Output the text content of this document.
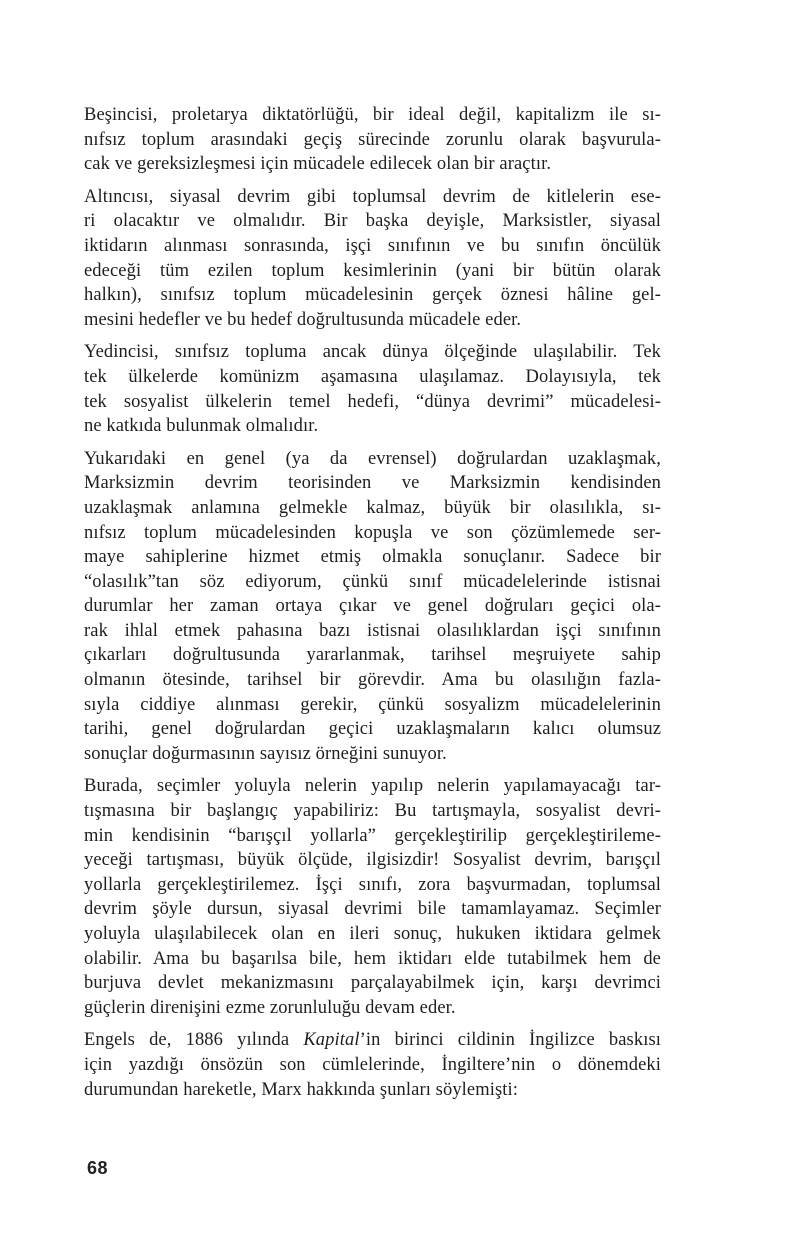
Beşincisi, proletarya diktatörlüğü, bir ideal değil, kapitalizm ile sı-
nıfsız toplum arasındaki geçiş sürecinde zorunlu olarak başvurula-
cak ve gereksizleşmesi için mücadele edilecek olan bir araçtır.

Altıncısı, siyasal devrim gibi toplumsal devrim de kitlelerin ese-
ri olacaktır ve olmalıdır. Bir başka deyişle, Marksistler, siyasal
iktidarın alınması sonrasında, işçi sınıfının ve bu sınıfın öncülük
edeceği tüm ezilen toplum kesimlerinin (yani bir bütün olarak
halkın), sınıfsız toplum mücadelesinin gerçek öznesi hâline gel-
mesini hedefler ve bu hedef doğrultusunda mücadele eder.

Yedincisi, sınıfsız topluma ancak dünya ölçeğinde ulaşılabilir. Tek
tek ülkelerde komünizm aşamasına ulaşılamaz. Dolayısıyla, tek
tek sosyalist ülkelerin temel hedefi, “dünya devrimi” mücadelesi-
ne katkıda bulunmak olmalıdır.

Yukarıdaki en genel (ya da evrensel) doğrulardan uzaklaşmak,
Marksizmin devrim teorisinden ve Marksizmin kendisinden
uzaklaşmak anlamına gelmekle kalmaz, büyük bir olasılıkla, sı-
nıfsız toplum mücadelesinden kopuşla ve son çözümlemede ser-
maye sahiplerine hizmet etmiş olmakla sonuçlanır. Sadece bir
“olasılık”tan söz ediyorum, çünkü sınıf mücadelelerinde istisnai
durumlar her zaman ortaya çıkar ve genel doğruları geçici ola-
rak ihlal etmek pahasına bazı istisnai olasılıklardan işçi sınıfının
çıkarları doğrultusunda yararlanmak, tarihsel meşruiyete sahip
olmanın ötesinde, tarihsel bir görevdir. Ama bu olasılığın fazla-
sıyla ciddiye alınması gerekir, çünkü sosyalizm mücadelelerinin
tarihi, genel doğrulardan geçici uzaklaşmaların kalıcı olumsuz
sonuçlar doğurmasının sayısız örneğini sunuyor.

Burada, seçimler yoluyla nelerin yapılıp nelerin yapılamayacağı tar-
tışmasına bir başlangıç yapabiliriz: Bu tartışmayla, sosyalist devri-
min kendisinin “barışçıl yollarla” gerçekleştirilip gerçekleştirileme-
yeceği tartışması, büyük ölçüde, ilgisizdir! Sosyalist devrim, barışçıl
yollarla gerçekleştirilemez. İşçi sınıfı, zora başvurmadan, toplumsal
devrim şöyle dursun, siyasal devrimi bile tamamlayamaz. Seçimler
yoluyla ulaşılabilecek olan en ileri sonuç, hukuken iktidara gelmek
olabilir. Ama bu başarılsa bile, hem iktidarı elde tutabilmek hem de
burjuva devlet mekanizmasını parçalayabilmek için, karşı devrimci
güçlerin direnişini ezme zorunluluğu devam eder.

Engels de, 1886 yılında Kapital’in birinci cildinin İngilizce baskısı
için yazdığı önsözün son cümlelerinde, İngiltere’nin o dönemdeki
durumundan hareketle, Marx hakkında şunları söylemişti:

68
